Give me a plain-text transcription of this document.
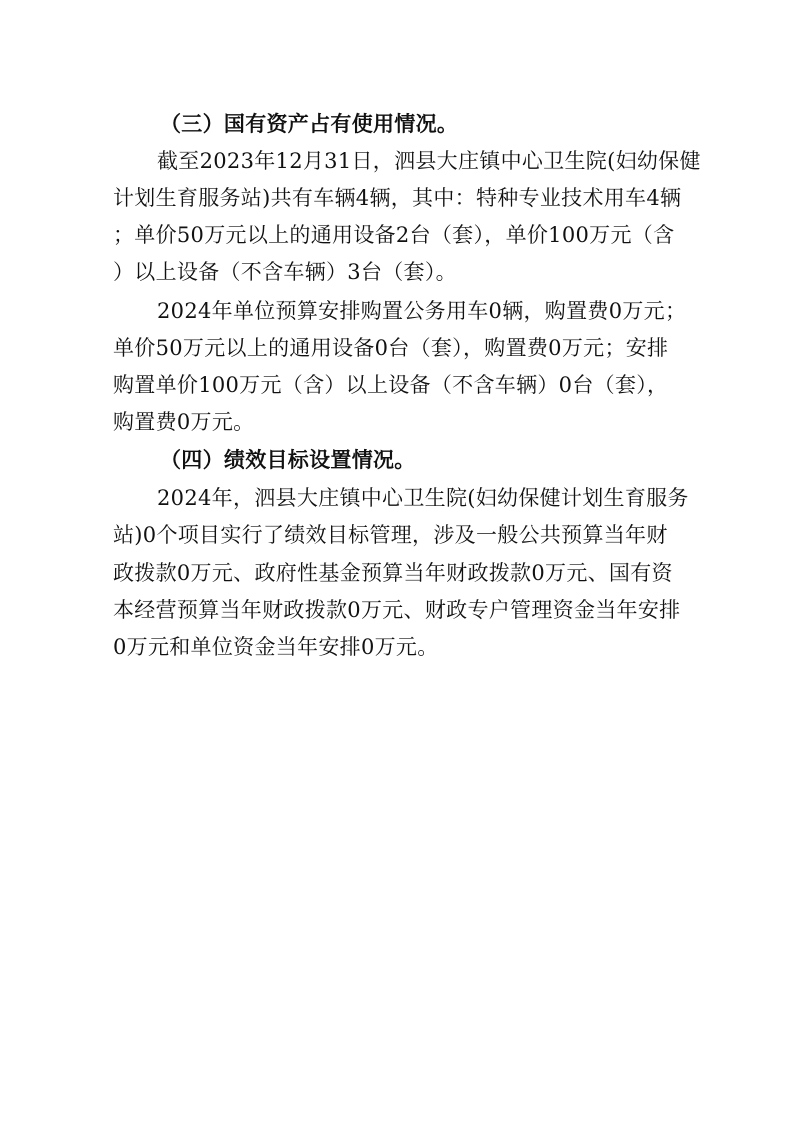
（三）国有资产占有使用情况。
截至2023年12月31日，泗县大庄镇中心卫生院(妇幼保健
计划生育服务站)共有车辆4辆，其中：特种专业技术用车4辆
；单价50万元以上的通用设备2台（套），单价100万元（含
）以上设备（不含车辆）3台（套）。
2024年单位预算安排购置公务用车0辆，购置费0万元；
单价50万元以上的通用设备0台（套），购置费0万元；安排
购置单价100万元（含）以上设备（不含车辆）0台（套），
购置费0万元。
（四）绩效目标设置情况。
2024年，泗县大庄镇中心卫生院(妇幼保健计划生育服务
站)0个项目实行了绩效目标管理，涉及一般公共预算当年财
政拨款0万元、政府性基金预算当年财政拨款0万元、国有资
本经营预算当年财政拨款0万元、财政专户管理资金当年安排
0万元和单位资金当年安排0万元。
